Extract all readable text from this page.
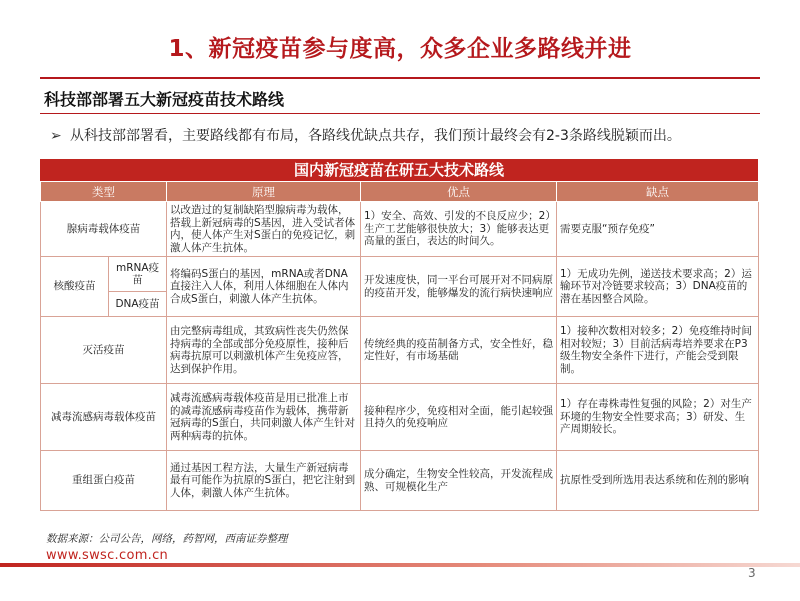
1、新冠疫苗参与度高，众多企业多路线并进
科技部部署五大新冠疫苗技术路线
➢ 从科技部部署看，主要路线都有布局，各路线优缺点共存，我们预计最终会有2-3条路线脱颖而出。
国内新冠疫苗在研五大技术路线
类型		原理	优点	缺点
腺病毒载体疫苗		以改造过的复制缺陷型腺病毒为载体，搭载上新冠病毒的S基因，进入受试者体内，使人体产生对S蛋白的免疫记忆，刺激人体产生抗体。	1）安全、高效、引发的不良反应少；2）生产工艺能够很快放大；3）能够表达更高量的蛋白，表达的时间久。	需要克服“预存免疫”
核酸疫苗	mRNA疫苗	将编码S蛋白的基因，mRNA或者DNA直接注入人体，利用人体细胞在人体内合成S蛋白，刺激人体产生抗体。	开发速度快，同一平台可展开对不同病原的疫苗开发，能够爆发的流行病快速响应	1）无成功先例，递送技术要求高；2）运输环节对冷链要求较高；3）DNA疫苗的潜在基因整合风险。
	DNA疫苗			
灭活疫苗		由完整病毒组成，其致病性丧失仍然保持病毒的全部或部分免疫原性，接种后病毒抗原可以刺激机体产生免疫应答，达到保护作用。	传统经典的疫苗制备方式，安全性好，稳定性好，有市场基础	1）接种次数相对较多；2）免疫维持时间相对较短；3）目前活病毒培养要求在P3级生物安全条件下进行，产能会受到限制。
减毒流感病毒载体疫苗		减毒流感病毒载体疫苗是用已批准上市的减毒流感病毒疫苗作为载体，携带新冠病毒的S蛋白，共同刺激人体产生针对两种病毒的抗体。	接种程序少，免疫相对全面，能引起较强且持久的免疫响应	1）存在毒株毒性复强的风险；2）对生产环境的生物安全性要求高；3）研发、生产周期较长。
重组蛋白疫苗		通过基因工程方法，大量生产新冠病毒最有可能作为抗原的S蛋白，把它注射到人体，刺激人体产生抗体。	成分确定，生物安全性较高，开发流程成熟、可规模化生产	抗原性受到所选用表达系统和佐剂的影响
数据来源：公司公告，网络，药智网，西南证券整理
www.swsc.com.cn
3
